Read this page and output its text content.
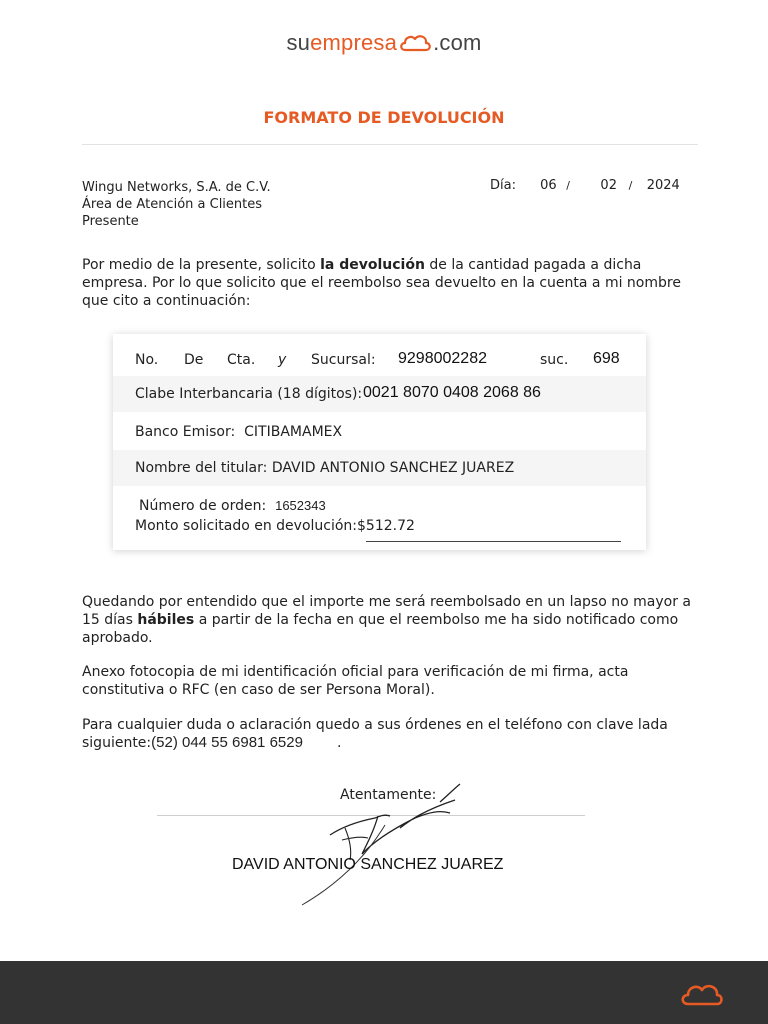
suempresa .com
FORMATO DE DEVOLUCIÓN
Wingu Networks, S.A. de C.V.
Área de Atención a Clientes
Presente
Día: 06 / 02 / 2024
Por medio de la presente, solicito la devolución de la cantidad pagada a dicha empresa. Por lo que solicito que el reembolso sea devuelto en la cuenta a mi nombre que cito a continuación:
No. De Cta. y Sucursal: 9298002282	suc. 698
Clabe Interbancaria (18 dígitos): 0021 8070 0408 2068 86
Banco Emisor: CITIBAMAMEX
Nombre del titular: DAVID ANTONIO SANCHEZ JUAREZ
Número de orden: 1652343
Monto solicitado en devolución:$512.72
Quedando por entendido que el importe me será reembolsado en un lapso no mayor a 15 días hábiles a partir de la fecha en que el reembolso me ha sido notificado como aprobado.
Anexo fotocopia de mi identificación oficial para verificación de mi firma, acta constitutiva o RFC (en caso de ser Persona Moral).
Para cualquier duda o aclaración quedo a sus órdenes en el teléfono con clave lada siguiente:(52) 044 55 6981 6529 .
Atentamente:
DAVID ANTONIO SANCHEZ JUAREZ
